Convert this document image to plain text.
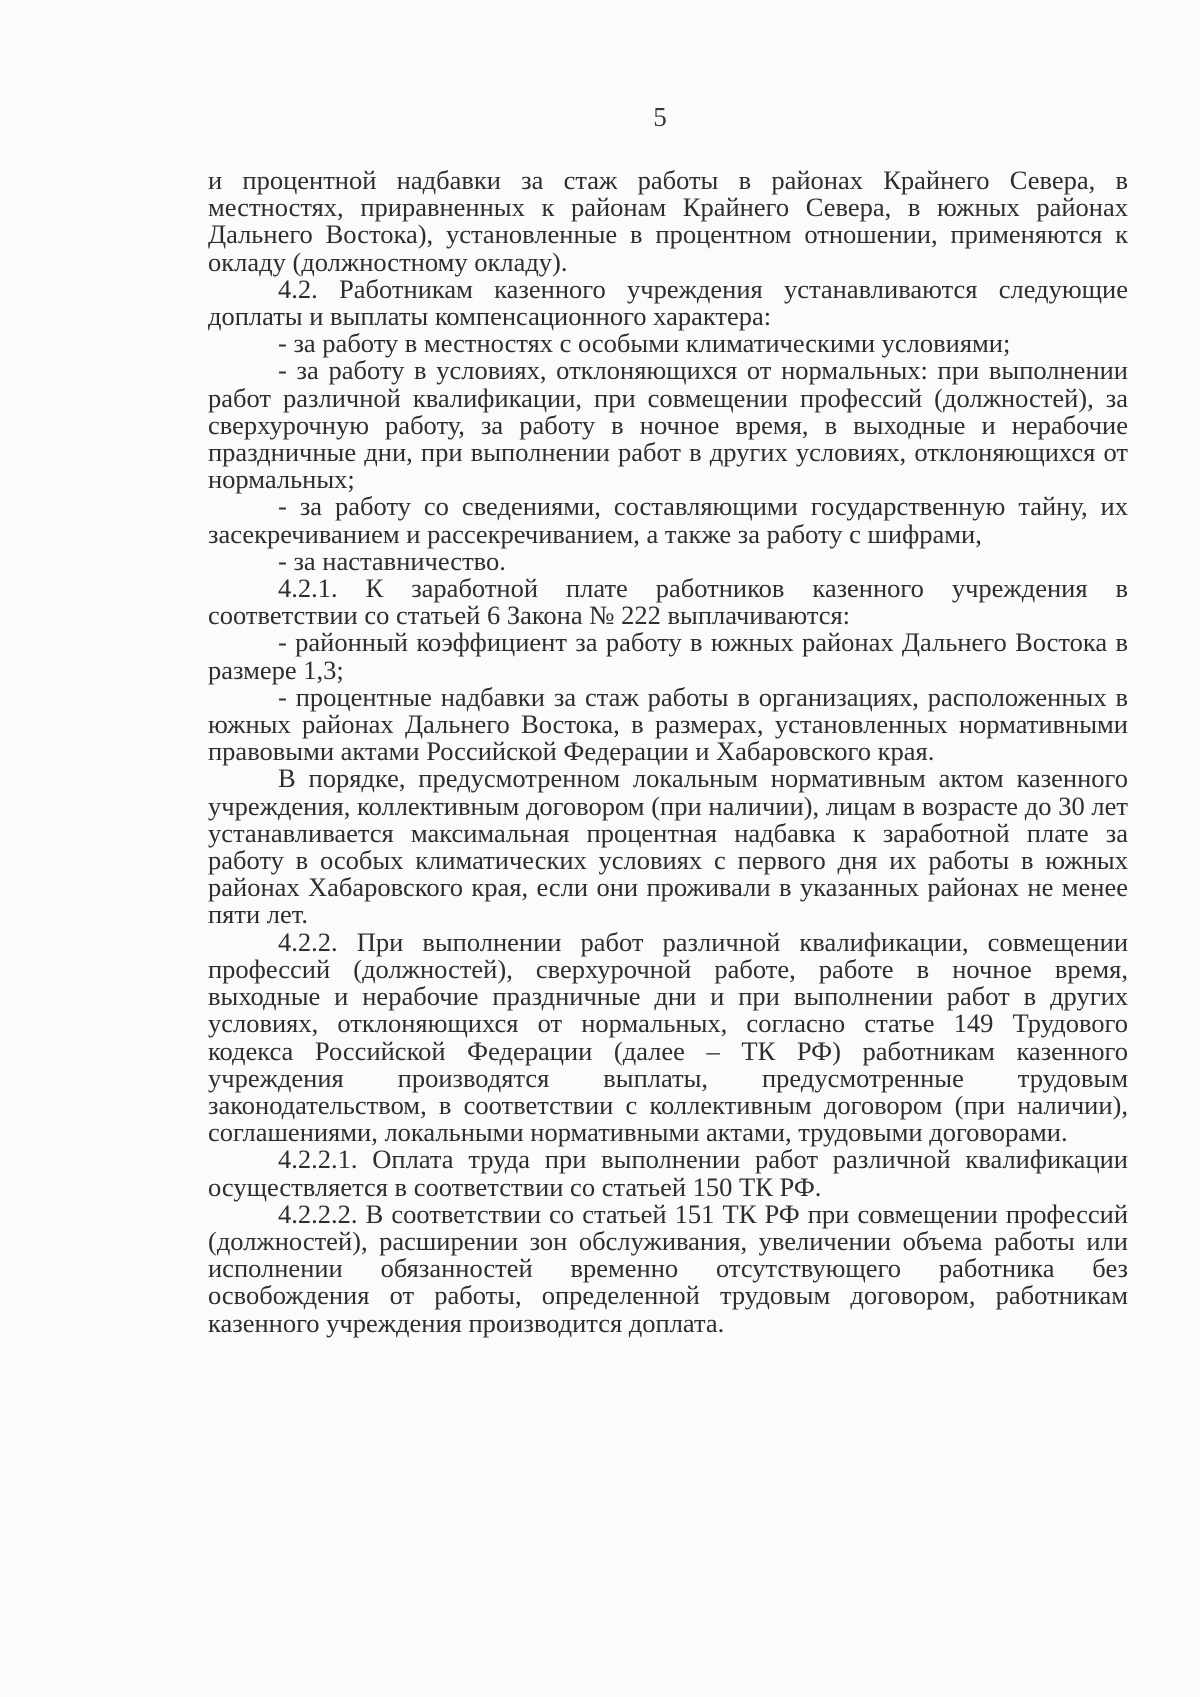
5

и процентной надбавки за стаж работы в районах Крайнего Севера, в местностях, приравненных к районам Крайнего Севера, в южных районах Дальнего Востока), установленные в процентном отношении, применяются к окладу (должностному окладу).

4.2. Работникам казенного учреждения устанавливаются следующие доплаты и выплаты компенсационного характера:

- за работу в местностях с особыми климатическими условиями;

- за работу в условиях, отклоняющихся от нормальных: при выполнении работ различной квалификации, при совмещении профессий (должностей), за сверхурочную работу, за работу в ночное время, в выходные и нерабочие праздничные дни, при выполнении работ в других условиях, отклоняющихся от нормальных;

- за работу со сведениями, составляющими государственную тайну, их засекречиванием и рассекречиванием, а также за работу с шифрами,

- за наставничество.

4.2.1. К заработной плате работников казенного учреждения в соответствии со статьей 6 Закона № 222 выплачиваются:

- районный коэффициент за работу в южных районах Дальнего Востока в размере 1,3;

- процентные надбавки за стаж работы в организациях, расположенных в южных районах Дальнего Востока, в размерах, установленных нормативными правовыми актами Российской Федерации и Хабаровского края.

В порядке, предусмотренном локальным нормативным актом казенного учреждения, коллективным договором (при наличии), лицам в возрасте до 30 лет устанавливается максимальная процентная надбавка к заработной плате за работу в особых климатических условиях с первого дня их работы в южных районах Хабаровского края, если они проживали в указанных районах не менее пяти лет.

4.2.2. При выполнении работ различной квалификации, совмещении профессий (должностей), сверхурочной работе, работе в ночное время, выходные и нерабочие праздничные дни и при выполнении работ в других условиях, отклоняющихся от нормальных, согласно статье 149 Трудового кодекса Российской Федерации (далее – ТК РФ) работникам казенного учреждения производятся выплаты, предусмотренные трудовым законодательством, в соответствии с коллективным договором (при наличии), соглашениями, локальными нормативными актами, трудовыми договорами.

4.2.2.1. Оплата труда при выполнении работ различной квалификации осуществляется в соответствии со статьей 150 ТК РФ.

4.2.2.2. В соответствии со статьей 151 ТК РФ при совмещении профессий (должностей), расширении зон обслуживания, увеличении объема работы или исполнении обязанностей временно отсутствующего работника без освобождения от работы, определенной трудовым договором, работникам казенного учреждения производится доплата.
